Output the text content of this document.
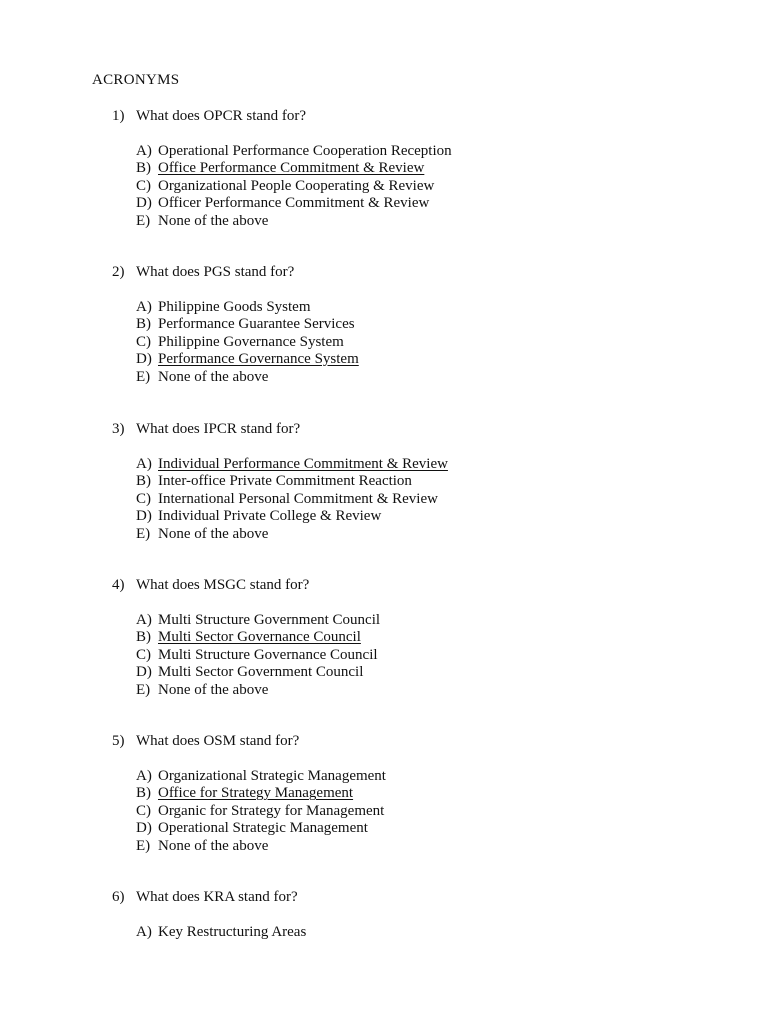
ACRONYMS
1) What does OPCR stand for?
A) Operational Performance Cooperation Reception
B) Office Performance Commitment & Review
C) Organizational People Cooperating & Review
D) Officer Performance Commitment & Review
E) None of the above
2) What does PGS stand for?
A) Philippine Goods System
B) Performance Guarantee Services
C) Philippine Governance System
D) Performance Governance System
E) None of the above
3) What does IPCR stand for?
A) Individual Performance Commitment & Review
B) Inter-office Private Commitment Reaction
C) International Personal Commitment & Review
D) Individual Private College & Review
E) None of the above
4) What does MSGC stand for?
A) Multi Structure Government Council
B) Multi Sector Governance Council
C) Multi Structure Governance Council
D) Multi Sector Government Council
E) None of the above
5) What does OSM stand for?
A) Organizational Strategic Management
B) Office for Strategy Management
C) Organic for Strategy for Management
D) Operational Strategic Management
E) None of the above
6) What does KRA stand for?
A) Key Restructuring Areas
